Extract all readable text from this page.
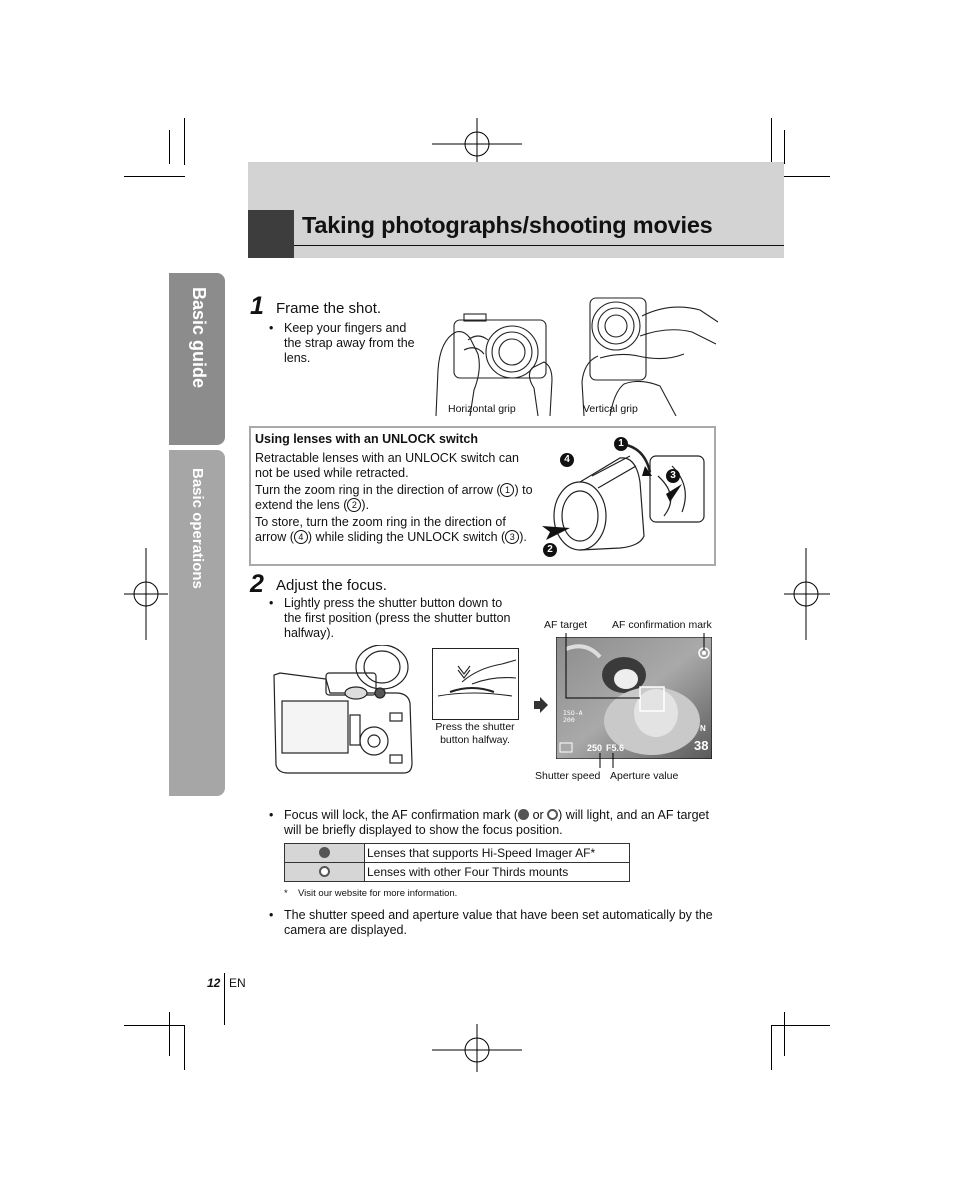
Taking photographs/shooting movies
Basic guide
Basic operations
1 Frame the shot.
• Keep your fingers and
the strap away from the
lens.
Horizontal grip	Vertical grip
Using lenses with an UNLOCK switch
Retractable lenses with an UNLOCK switch can
not be used while retracted.
Turn the zoom ring in the direction of arrow ( 1 ) to
extend the lens ( 2 ).
To store, turn the zoom ring in the direction of
arrow ( 4 ) while sliding the UNLOCK switch ( 3 ).
1
4
3
2
2 Adjust the focus.
• Lightly press the shutter button down to
the first position (press the shutter button
halfway).
Press the shutter
button halfway.
ISO-A
200
250 F5.6
N
38
AF target AF confirmation mark
Shutter speed Aperture value
• Focus will lock, the AF confirmation mark ( or ) will light, and an AF target
will be briefly displayed to show the focus position.
	Lenses that supports Hi-Speed Imager AF*
	Lenses with other Four Thirds mounts
* Visit our website for more information.
• The shutter speed and aperture value that have been set automatically by the
camera are displayed.
12 EN
